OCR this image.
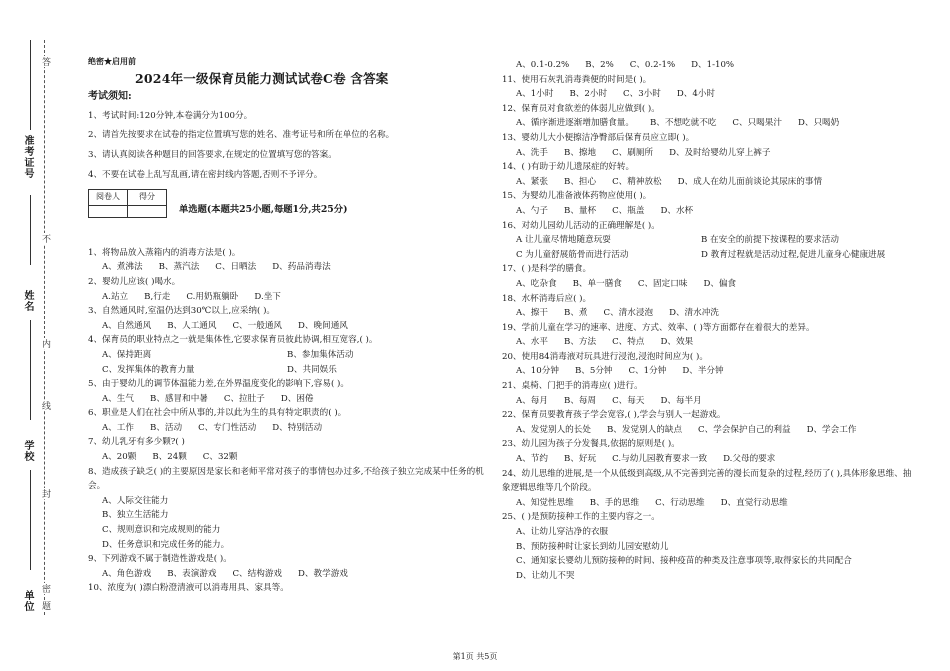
准考证号
姓名
学校
单位
答
不
内
线
封
密
题

绝密★启用前

2024年一级保育员能力测试试卷C卷 含答案

考试须知:

1、考试时间:120分钟,本卷满分为100分。

2、请首先按要求在试卷的指定位置填写您的姓名、准考证号和所在单位的名称。

3、请认真阅读各种题目的回答要求,在规定的位置填写您的答案。

4、不要在试卷上乱写乱画,请在密封线内答题,否则不予评分。

阅卷人	得分

单选题(本题共25小题,每题1分,共25分)

1、将物品放入蒸箱内的消毒方法是( )。

A、煮沸法 B、蒸汽法 C、日晒法 D、药品消毒法

2、婴幼儿应该( )喝水。

A.站立 B,行走 C.用奶瓶躺卧 D.坐下

3、自然通风时,室温仍达到30℃以上,应采纳( )。

A、自然通风 B、人工通风 C、一般通风 D、晚间通风

4、保育员的职业特点之一就是集体性,它要求保育员彼此协调,相互宽容,( )。

A、保持距离	B、参加集体活动

C、发挥集体的教育力量	D、共同娱乐

5、由于婴幼儿的调节体温能力差,在外界温度变化的影响下,容易( )。

A、生气 B、感冒和中暑 C、拉肚子 D、困倦

6、职业是人们在社会中所从事的,并以此为生的具有特定职责的( )。

A、工作 B、活动 C、专门性活动 D、特别活动

7、幼儿乳牙有多少颗?( )

A、20颗 B、24颗 C、32颗

8、造成孩子缺乏( )的主要原因是家长和老师平常对孩子的事情包办过多,不给孩子独立完成某中任务的机会。

A、人际交往能力

B、独立生活能力

C、规则意识和完成规则的能力

D、任务意识和完成任务的能力。

9、下列游戏不属于制造性游戏是( )。

A、角色游戏 B、表演游戏 C、结构游戏 D、教学游戏

10、浓度为( )漂白粉澄清液可以消毒用具、家具等。

A、0.1-0.2% B、2% C、0.2-1% D、1-10%

11、使用石灰乳消毒粪便的时间是( )。

A、1小时 B、2小时 C、3小时 D、4小时

12、保育员对食欲差的体弱儿应做到( )。

A、循序渐进逐渐增加膳食量。 B、不想吃就不吃 C、只喝果汁 D、只喝奶

13、婴幼儿大小便擦洁净臀部后保育员应立即( )。

A、洗手 B、擦地 C、刷厕所 D、及时给婴幼儿穿上裤子

14、( )有助于幼儿遗尿症的好转。

A、紧张 B、担心 C、精神放松 D、成人在幼儿面前谈论其尿床的事情

15、为婴幼儿准备液体药物应使用( )。

A、勺子 B、量杯 C、瓶盖 D、水杯

16、对幼儿园幼儿活动的正确理解是( )。

A 让儿童尽情地随意玩耍	B 在安全的前提下按课程的要求活动

C 为儿童舒展筋骨而进行活动	D 教育过程就是活动过程,促进儿童身心健康进展

17、( )是科学的膳食。

A、吃杂食 B、单一膳食 C、固定口味 D、偏食

18、水杯消毒后应( )。

A、擦干 B、煮 C、清水浸泡 D、清水冲洗

19、学前儿童在学习的速率、进度、方式、效率、( )等方面都存在着很大的差异。

A、水平 B、方法 C、特点 D、效果

20、使用84消毒液对玩具进行浸泡,浸泡时间应为( )。

A、10分钟 B、5分钟 C、1分钟 D、半分钟

21、桌椅、门把手的消毒应( )进行。

A、每月 B、每周 C、每天 D、每半月

22、保育员要教育孩子学会宽容,( ),学会与别人一起游戏。

A、发觉别人的长处 B、发觉别人的缺点 C、学会保护自己的利益 D、学会工作

23、幼儿园为孩子分发餐具,依据的原则是( )。

A、节约 B、好玩 C.与幼儿园教育要求一致 D.父母的要求

24、幼儿思维的进展,是一个从低级到高级,从不完善到完善的漫长而复杂的过程,经历了( ),具体形象思维、抽象逻辑思维等几个阶段。

A、知觉性思维 B、手的思维 C、行动思维 D、直觉行动思维

25、( )是预防接种工作的主要内容之一。

A、让幼儿穿洁净的衣服

B、预防接种时让家长到幼儿园安慰幼儿

C、通知家长婴幼儿预防接种的时间、接种疫苗的种类及注意事项等,取得家长的共同配合

D、让幼儿不哭

第1页 共5页
